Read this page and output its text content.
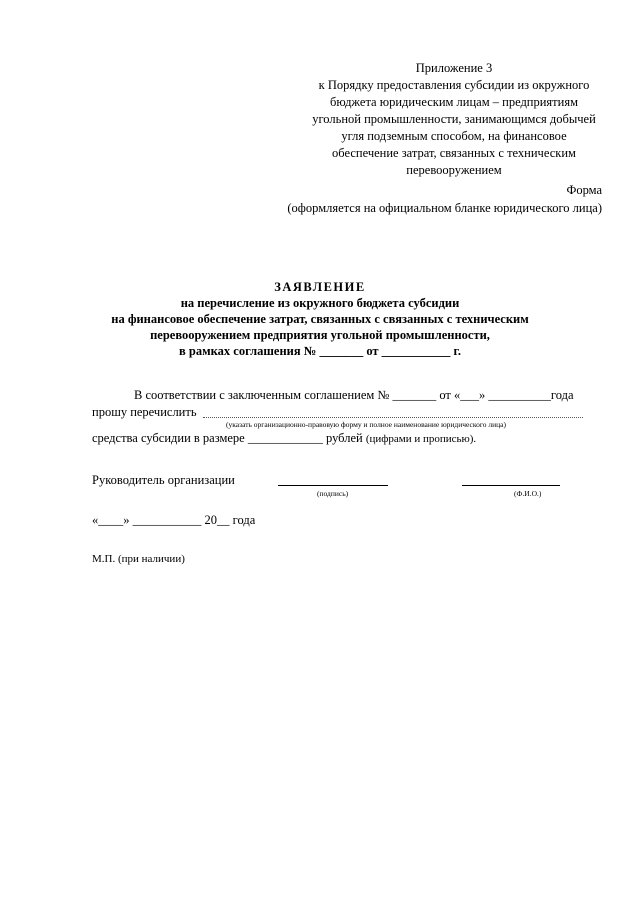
Приложение 3
к Порядку предоставления субсидии из окружного
бюджета юридическим лицам – предприятиям
угольной промышленности, занимающимся добычей
угля подземным способом, на финансовое
обеспечение затрат, связанных с техническим
перевооружением
Форма
(оформляется на официальном бланке юридического лица)
ЗАЯВЛЕНИЕ
на перечисление из окружного бюджета субсидии
на финансовое обеспечение затрат, связанных с связанных с техническим
перевооружением предприятия угольной промышленности,
в рамках соглашения № _______ от ___________ г.
В соответствии с заключенным соглашением № _______ от «___» __________года
прошу перечислить
(указать организационно-правовую форму и полное наименование юридического лица)
средства субсидии в размере ____________ рублей (цифрами и прописью).
Руководитель организации
(подпись)	(Ф.И.О.)
«____» ___________ 20__ года
М.П. (при наличии)
